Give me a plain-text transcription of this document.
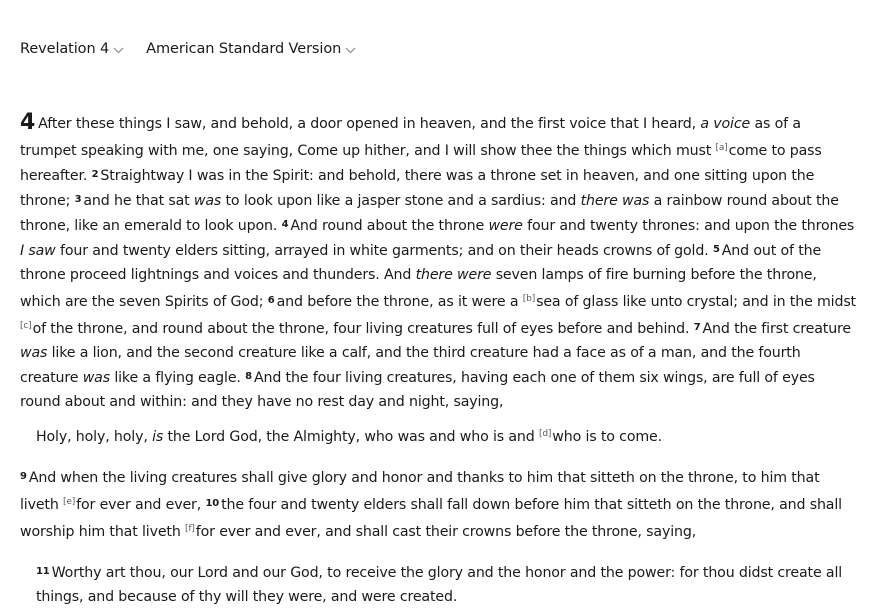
Revelation 4	American Standard Version

4 After these things I saw, and behold, a door opened in heaven, and the first voice that I heard, a voice as of a trumpet speaking with me, one saying, Come up hither, and I will show thee the things which must [ $^a$ ] come to pass hereafter. $^2$ Straightway I was in the Spirit: and behold, there was a throne set in heaven, and one sitting upon the throne; $^3$ and he that sat was to look upon like a jasper stone and a sardius: and there was a rainbow round about the throne, like an emerald to look upon. $^4$ And round about the throne were four and twenty thrones: and upon the thrones I saw four and twenty elders sitting, arrayed in white garments; and on their heads crowns of gold. $^5$ And out of the throne proceed lightnings and voices and thunders. And there were seven lamps of fire burning before the throne, which are the seven Spirits of God; $^6$ and before the throne, as it were a [ $^b$ ] sea of glass like unto crystal; and in the midst [ $^c$ ] of the throne, and round about the throne, four living creatures full of eyes before and behind. $^7$ And the first creature was like a lion, and the second creature like a calf, and the third creature had a face as of a man, and the fourth creature was like a flying eagle. $^8$ And the four living creatures, having each one of them six wings, are full of eyes round about and within: and they have no rest day and night, saying,

Holy, holy, holy, is the Lord God, the Almighty, who was and who is and [ $^d$ ] who is to come.

$^9$ And when the living creatures shall give glory and honor and thanks to him that sitteth on the throne, to him that liveth [ $^e$ ] for ever and ever, $^{10}$ the four and twenty elders shall fall down before him that sitteth on the throne, and shall worship him that liveth [ $^f$ ] for ever and ever, and shall cast their crowns before the throne, saying,

$^{11}$ Worthy art thou, our Lord and our God, to receive the glory and the honor and the power: for thou didst create all things, and because of thy will they were, and were created.
